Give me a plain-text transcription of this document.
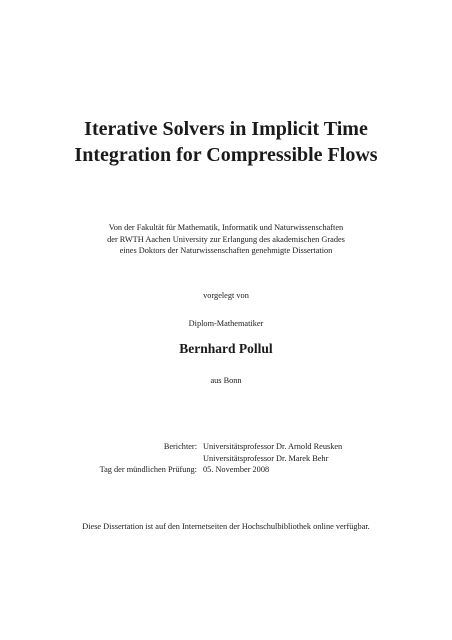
Iterative Solvers in Implicit Time
Integration for Compressible Flows
Von der Fakultät für Mathematik, Informatik und Naturwissenschaften
der RWTH Aachen University zur Erlangung des akademischen Grades
eines Doktors der Naturwissenschaften genehmigte Dissertation
vorgelegt von
Diplom-Mathematiker
Bernhard Pollul
aus Bonn
Berichter: Universitätsprofessor Dr. Arnold Reusken
Universitätsprofessor Dr. Marek Behr
Tag der mündlichen Prüfung: 05. November 2008
Diese Dissertation ist auf den Internetseiten der Hochschulbibliothek online verfügbar.
